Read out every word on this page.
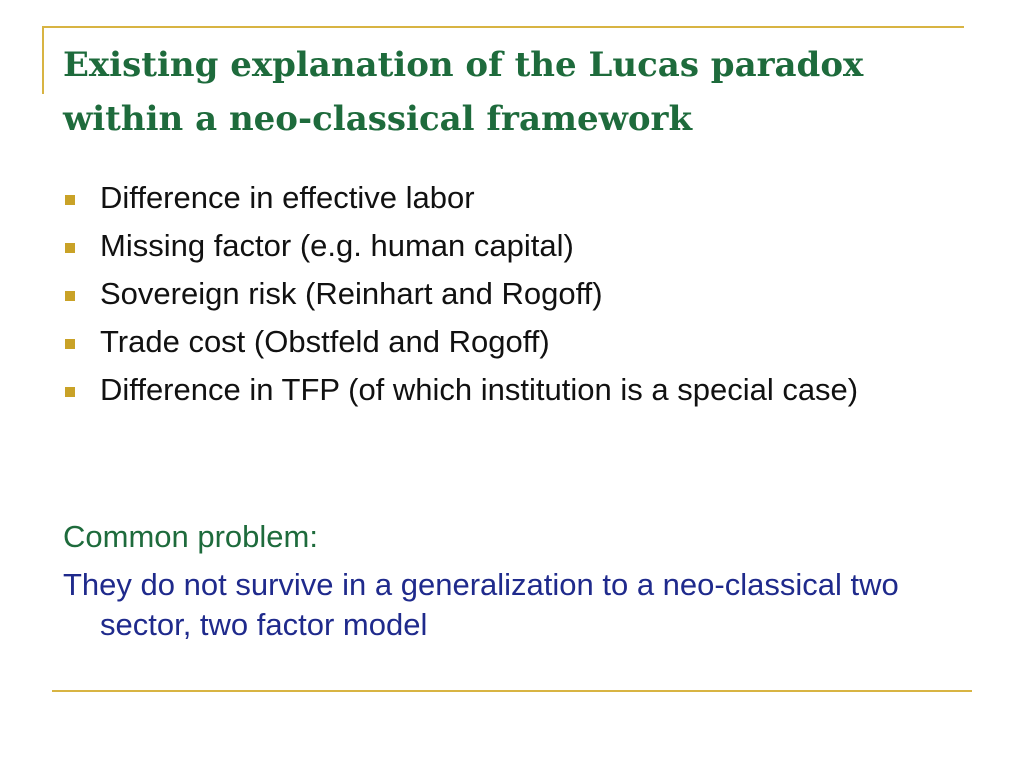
Existing explanation of the Lucas paradox
within a neo-classical framework
Difference in effective labor
Missing factor (e.g. human capital)
Sovereign risk (Reinhart and Rogoff)
Trade cost (Obstfeld and Rogoff)
Difference in TFP (of which institution is a special case)

Common problem:

They do not survive in a generalization to a neo-classical two sector, two factor model
